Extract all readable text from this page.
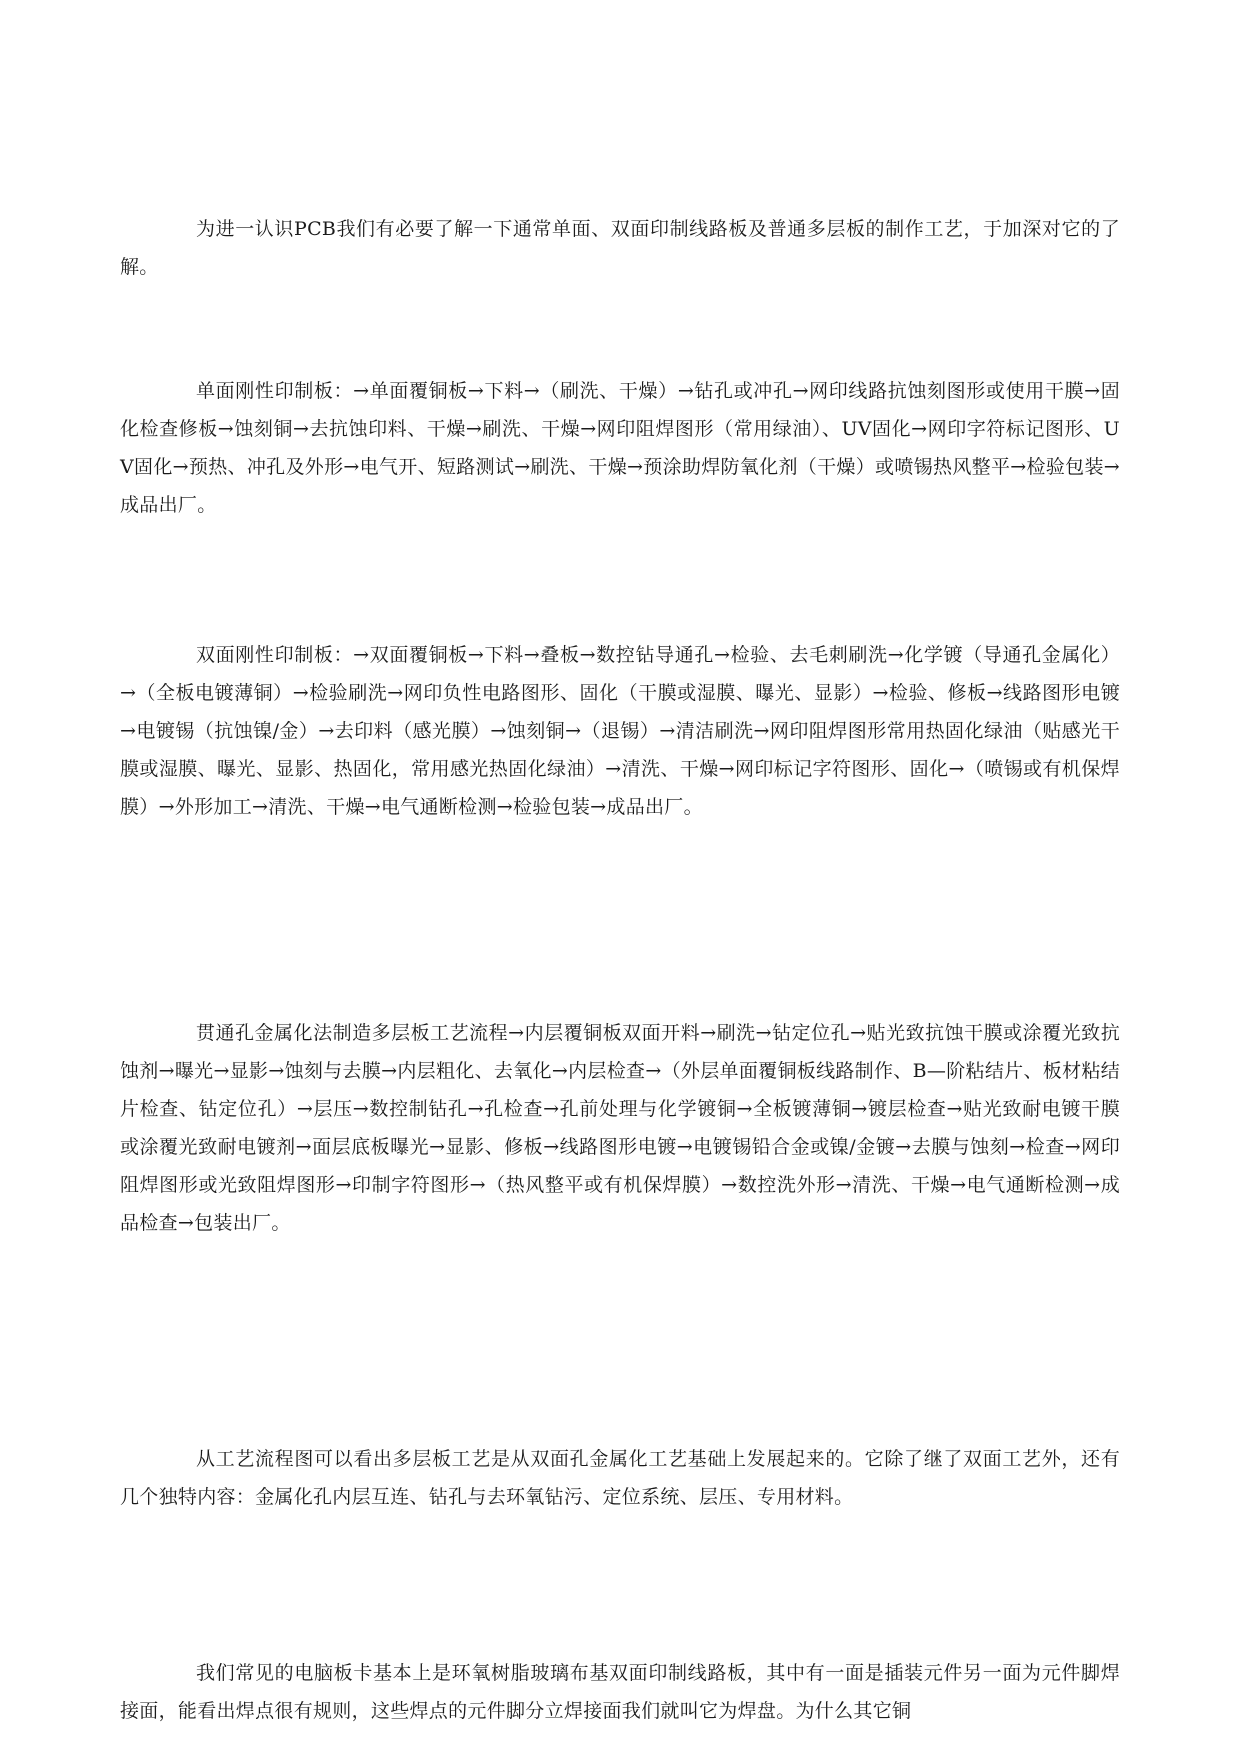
为进一认识PCB我们有必要了解一下通常单面、双面印制线路板及普通多层板的制作工艺，于加深对它的了解。

单面刚性印制板：→单面覆铜板→下料→（刷洗、干燥）→钻孔或冲孔→网印线路抗蚀刻图形或使用干膜→固化检查修板→蚀刻铜→去抗蚀印料、干燥→刷洗、干燥→网印阻焊图形（常用绿油）、UV固化→网印字符标记图形、UV固化→预热、冲孔及外形→电气开、短路测试→刷洗、干燥→预涂助焊防氧化剂（干燥）或喷锡热风整平→检验包装→成品出厂。

双面刚性印制板：→双面覆铜板→下料→叠板→数控钻导通孔→检验、去毛刺刷洗→化学镀（导通孔金属化）→（全板电镀薄铜）→检验刷洗→网印负性电路图形、固化（干膜或湿膜、曝光、显影）→检验、修板→线路图形电镀→电镀锡（抗蚀镍/金）→去印料（感光膜）→蚀刻铜→（退锡）→清洁刷洗→网印阻焊图形常用热固化绿油（贴感光干膜或湿膜、曝光、显影、热固化，常用感光热固化绿油）→清洗、干燥→网印标记字符图形、固化→（喷锡或有机保焊膜）→外形加工→清洗、干燥→电气通断检测→检验包装→成品出厂。

贯通孔金属化法制造多层板工艺流程→内层覆铜板双面开料→刷洗→钻定位孔→贴光致抗蚀干膜或涂覆光致抗蚀剂→曝光→显影→蚀刻与去膜→内层粗化、去氧化→内层检查→（外层单面覆铜板线路制作、B—阶粘结片、板材粘结片检查、钻定位孔）→层压→数控制钻孔→孔检查→孔前处理与化学镀铜→全板镀薄铜→镀层检查→贴光致耐电镀干膜或涂覆光致耐电镀剂→面层底板曝光→显影、修板→线路图形电镀→电镀锡铅合金或镍/金镀→去膜与蚀刻→检查→网印阻焊图形或光致阻焊图形→印制字符图形→（热风整平或有机保焊膜）→数控洗外形→清洗、干燥→电气通断检测→成品检查→包装出厂。

从工艺流程图可以看出多层板工艺是从双面孔金属化工艺基础上发展起来的。它除了继了双面工艺外，还有几个独特内容：金属化孔内层互连、钻孔与去环氧钻污、定位系统、层压、专用材料。

我们常见的电脑板卡基本上是环氧树脂玻璃布基双面印制线路板，其中有一面是插装元件另一面为元件脚焊接面，能看出焊点很有规则，这些焊点的元件脚分立焊接面我们就叫它为焊盘。为什么其它铜
